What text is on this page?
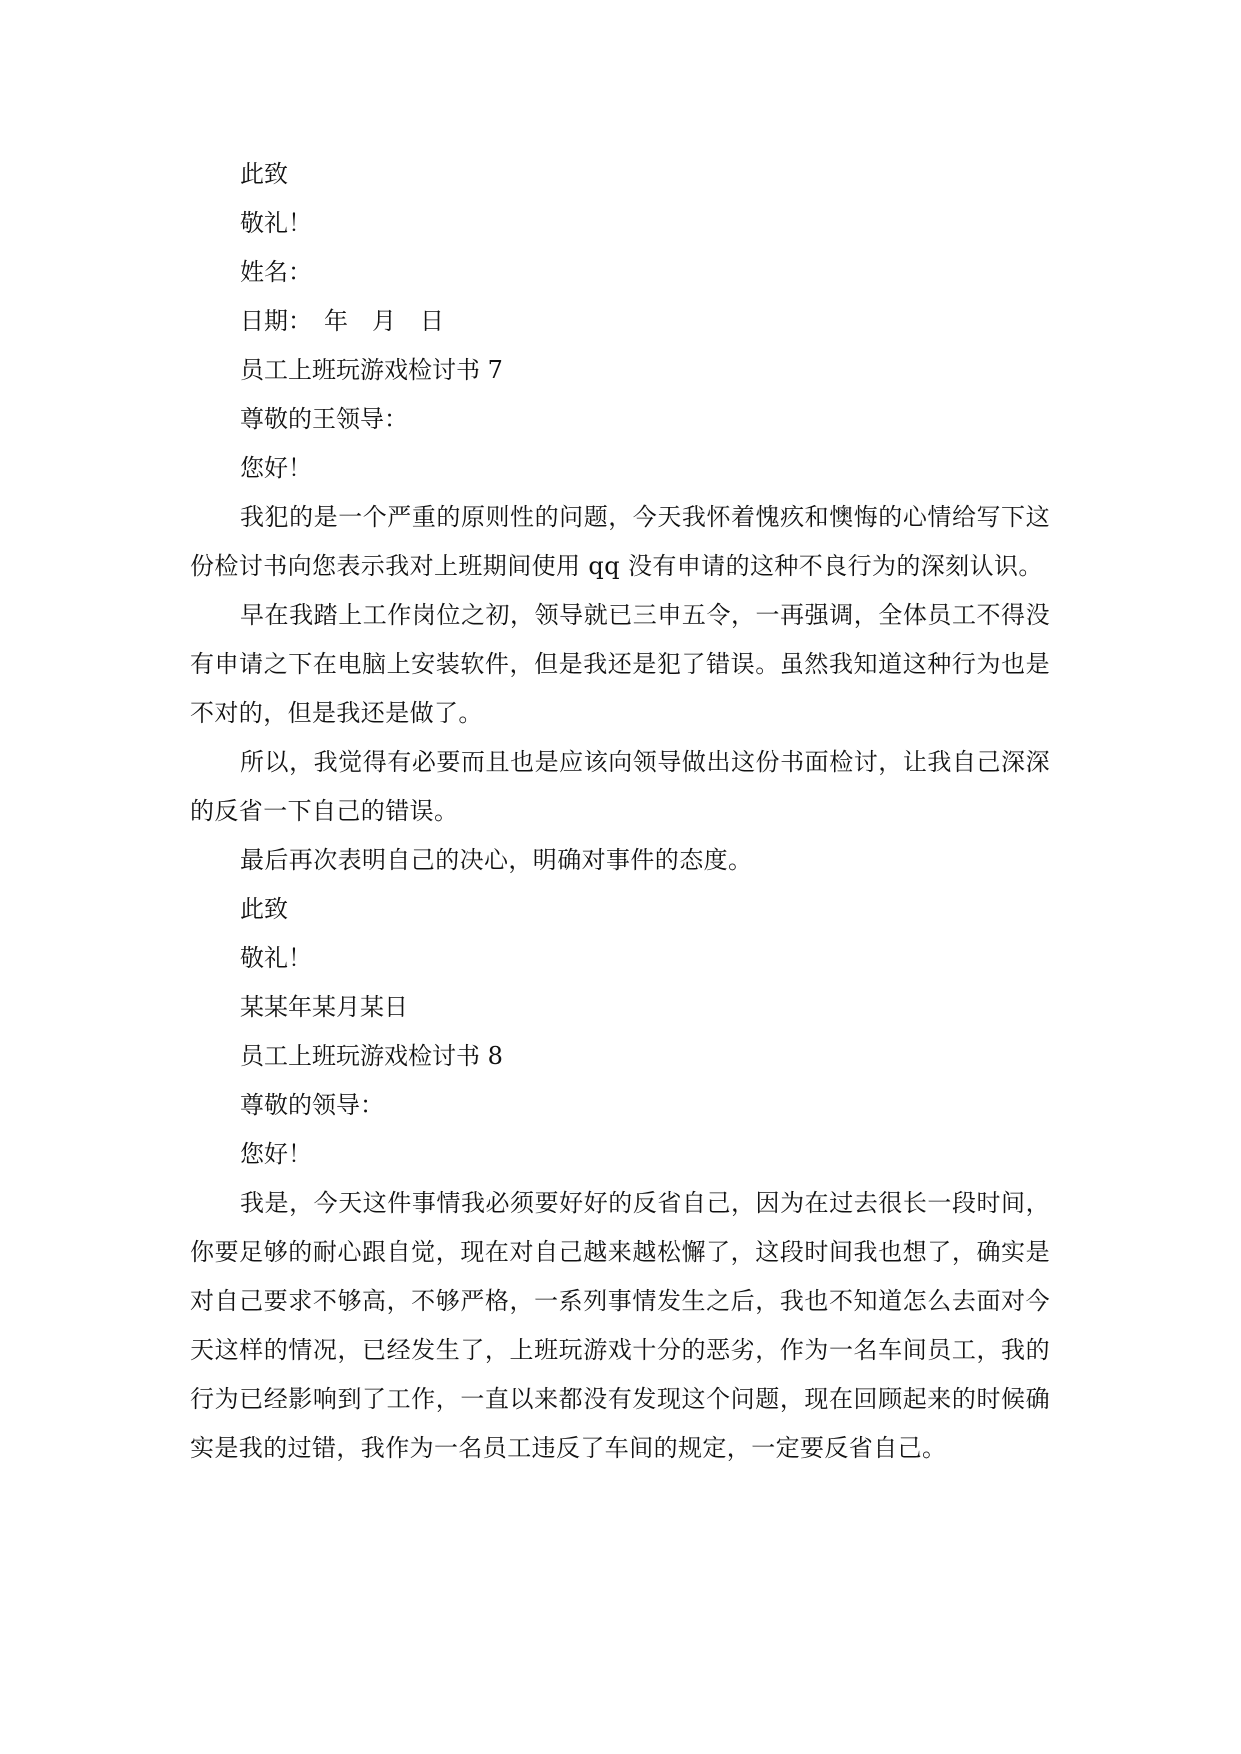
此致

敬礼！

姓名：

日期：　年　月　日

员工上班玩游戏检讨书 7

尊敬的王领导：

您好！

我犯的是一个严重的原则性的问题，今天我怀着愧疚和懊悔的心情给写下这份检讨书向您表示我对上班期间使用 qq 没有申请的这种不良行为的深刻认识。

早在我踏上工作岗位之初，领导就已三申五令，一再强调，全体员工不得没有申请之下在电脑上安装软件，但是我还是犯了错误。虽然我知道这种行为也是不对的，但是我还是做了。

所以，我觉得有必要而且也是应该向领导做出这份书面检讨，让我自己深深的反省一下自己的错误。

最后再次表明自己的决心，明确对事件的态度。

此致

敬礼！

某某年某月某日

员工上班玩游戏检讨书 8

尊敬的领导：

您好！

我是，今天这件事情我必须要好好的反省自己，因为在过去很长一段时间，你要足够的耐心跟自觉，现在对自己越来越松懈了，这段时间我也想了，确实是对自己要求不够高，不够严格，一系列事情发生之后，我也不知道怎么去面对今天这样的情况，已经发生了，上班玩游戏十分的恶劣，作为一名车间员工，我的行为已经影响到了工作，一直以来都没有发现这个问题，现在回顾起来的时候确实是我的过错，我作为一名员工违反了车间的规定，一定要反省自己。
